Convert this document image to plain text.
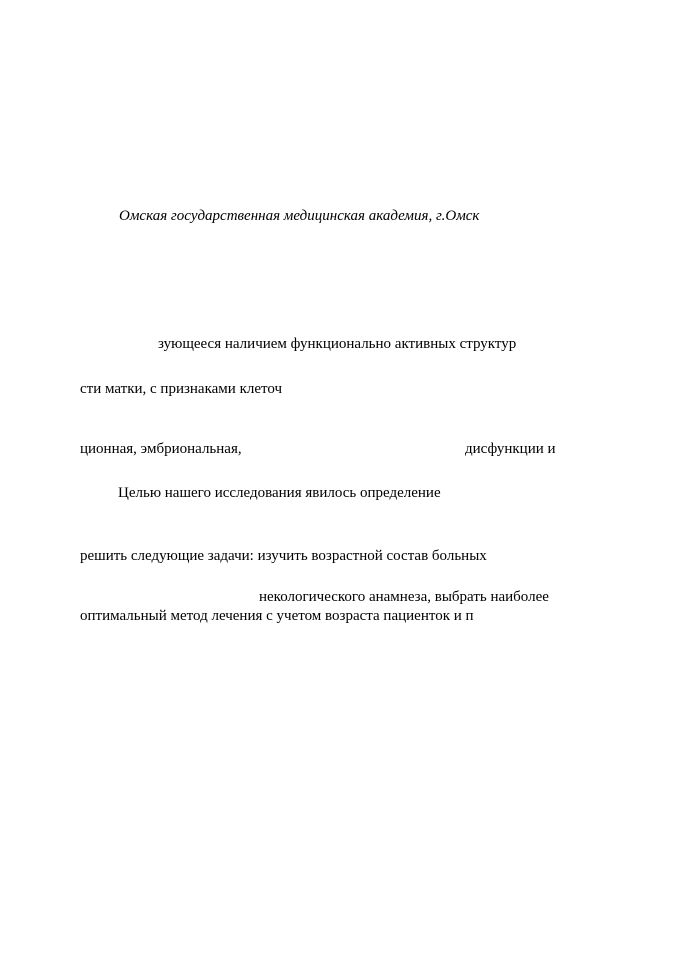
Омская государственная медицинская академия, г.Омск
зующееся наличием функционально активных структур
сти матки, с признаками клеточ
ционная, эмбриональная,	дисфункции и
Целью нашего исследования явилось определение
решить следующие задачи: изучить возрастной состав больных
некологического анамнеза, выбрать наиболее
оптимальный метод лечения с учетом возраста пациенток и п
